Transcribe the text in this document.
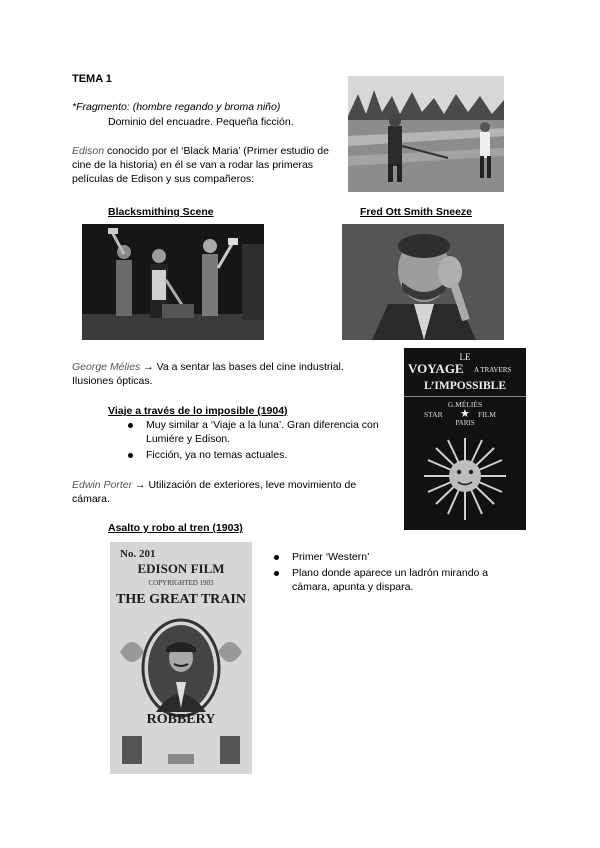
TEMA 1
*Fragmento: (hombre regando y broma niño)
Dominio del encuadre. Pequeña ficción.
Edison conocido por el ‘Black Maria’ (Primer estudio de cine de la historia) en él se van a rodar las primeras películas de Edison y sus compañeros:
Blacksmithing Scene	Fred Ott Smith Sneeze
George Mélies → Va a sentar las bases del cine industrial. Ilusiones ópticas.
Viaje a través de lo imposible (1904)
Muy similar a ‘Viaje a la luna’. Gran diferencia con Lumiére y Edison.
Ficción, ya no temas actuales.
LE
VOYAGE A TRAVERS
L’IMPOSSIBLE
G.MÉLIÈS
STAR ★ FILM
PARIS
Edwin Porter → Utilización de exteriores, leve movimiento de cámara.
Asalto y robo al tren (1903)
No. 201
EDISON FILM
COPYRIGHTED 1903
THE GREAT TRAIN
ROBBERY
Primer ‘Western’
Plano donde aparece un ladrón mirando a cámara, apunta y dispara.
